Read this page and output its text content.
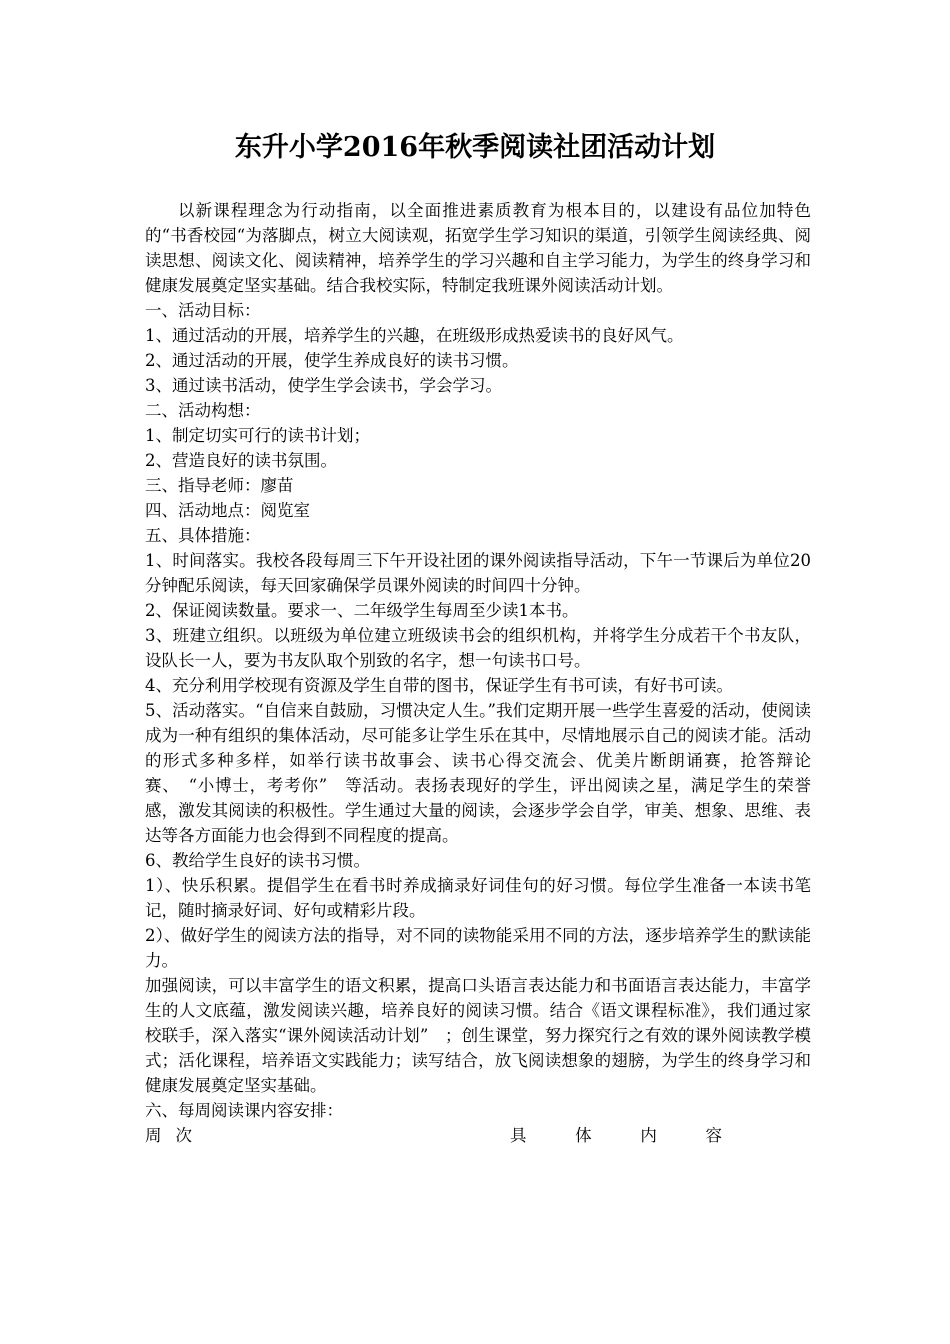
东升小学2016年秋季阅读社团活动计划

以新课程理念为行动指南，以全面推进素质教育为根本目的，以建设有品位加特色的“书香校园“为落脚点，树立大阅读观，拓宽学生学习知识的渠道，引领学生阅读经典、阅读思想、阅读文化、阅读精神，培养学生的学习兴趣和自主学习能力，为学生的终身学习和健康发展奠定坚实基础。结合我校实际，特制定我班课外阅读活动计划。

一、活动目标：

1、通过活动的开展，培养学生的兴趣，在班级形成热爱读书的良好风气。

2、通过活动的开展，使学生养成良好的读书习惯。

3、通过读书活动，使学生学会读书，学会学习。

二、活动构想：

1、制定切实可行的读书计划；

2、营造良好的读书氛围。

三、指导老师：廖苗

四、活动地点：阅览室

五、具体措施：

1、时间落实。我校各段每周三下午开设社团的课外阅读指导活动，下午一节课后为单位20分钟配乐阅读，每天回家确保学员课外阅读的时间四十分钟。

2、保证阅读数量。要求一、二年级学生每周至少读1本书。

3、班建立组织。以班级为单位建立班级读书会的组织机构，并将学生分成若干个书友队，设队长一人，要为书友队取个别致的名字，想一句读书口号。

4、充分利用学校现有资源及学生自带的图书，保证学生有书可读，有好书可读。

5、活动落实。“自信来自鼓励，习惯决定人生。”我们定期开展一些学生喜爱的活动，使阅读成为一种有组织的集体活动，尽可能多让学生乐在其中，尽情地展示自己的阅读才能。活动的形式多种多样，如举行读书故事会、读书心得交流会、优美片断朗诵赛，抢答辩论赛、　“小博士，考考你”　等活动。表扬表现好的学生，评出阅读之星，满足学生的荣誉感，激发其阅读的积极性。学生通过大量的阅读，会逐步学会自学，审美、想象、思维、表达等各方面能力也会得到不同程度的提高。

6、教给学生良好的读书习惯。

1）、快乐积累。提倡学生在看书时养成摘录好词佳句的好习惯。每位学生准备一本读书笔记，随时摘录好词、好句或精彩片段。

2）、做好学生的阅读方法的指导，对不同的读物能采用不同的方法，逐步培养学生的默读能力。

加强阅读，可以丰富学生的语文积累，提高口头语言表达能力和书面语言表达能力，丰富学生的人文底蕴，激发阅读兴趣，培养良好的阅读习惯。结合《语文课程标准》，我们通过家校联手，深入落实“课外阅读活动计划”　；创生课堂，努力探究行之有效的课外阅读教学模式；活化课程，培养语文实践能力；读写结合，放飞阅读想象的翅膀，为学生的终身学习和健康发展奠定坚实基础。

六、每周阅读课内容安排：

周次	具	体	内	容
